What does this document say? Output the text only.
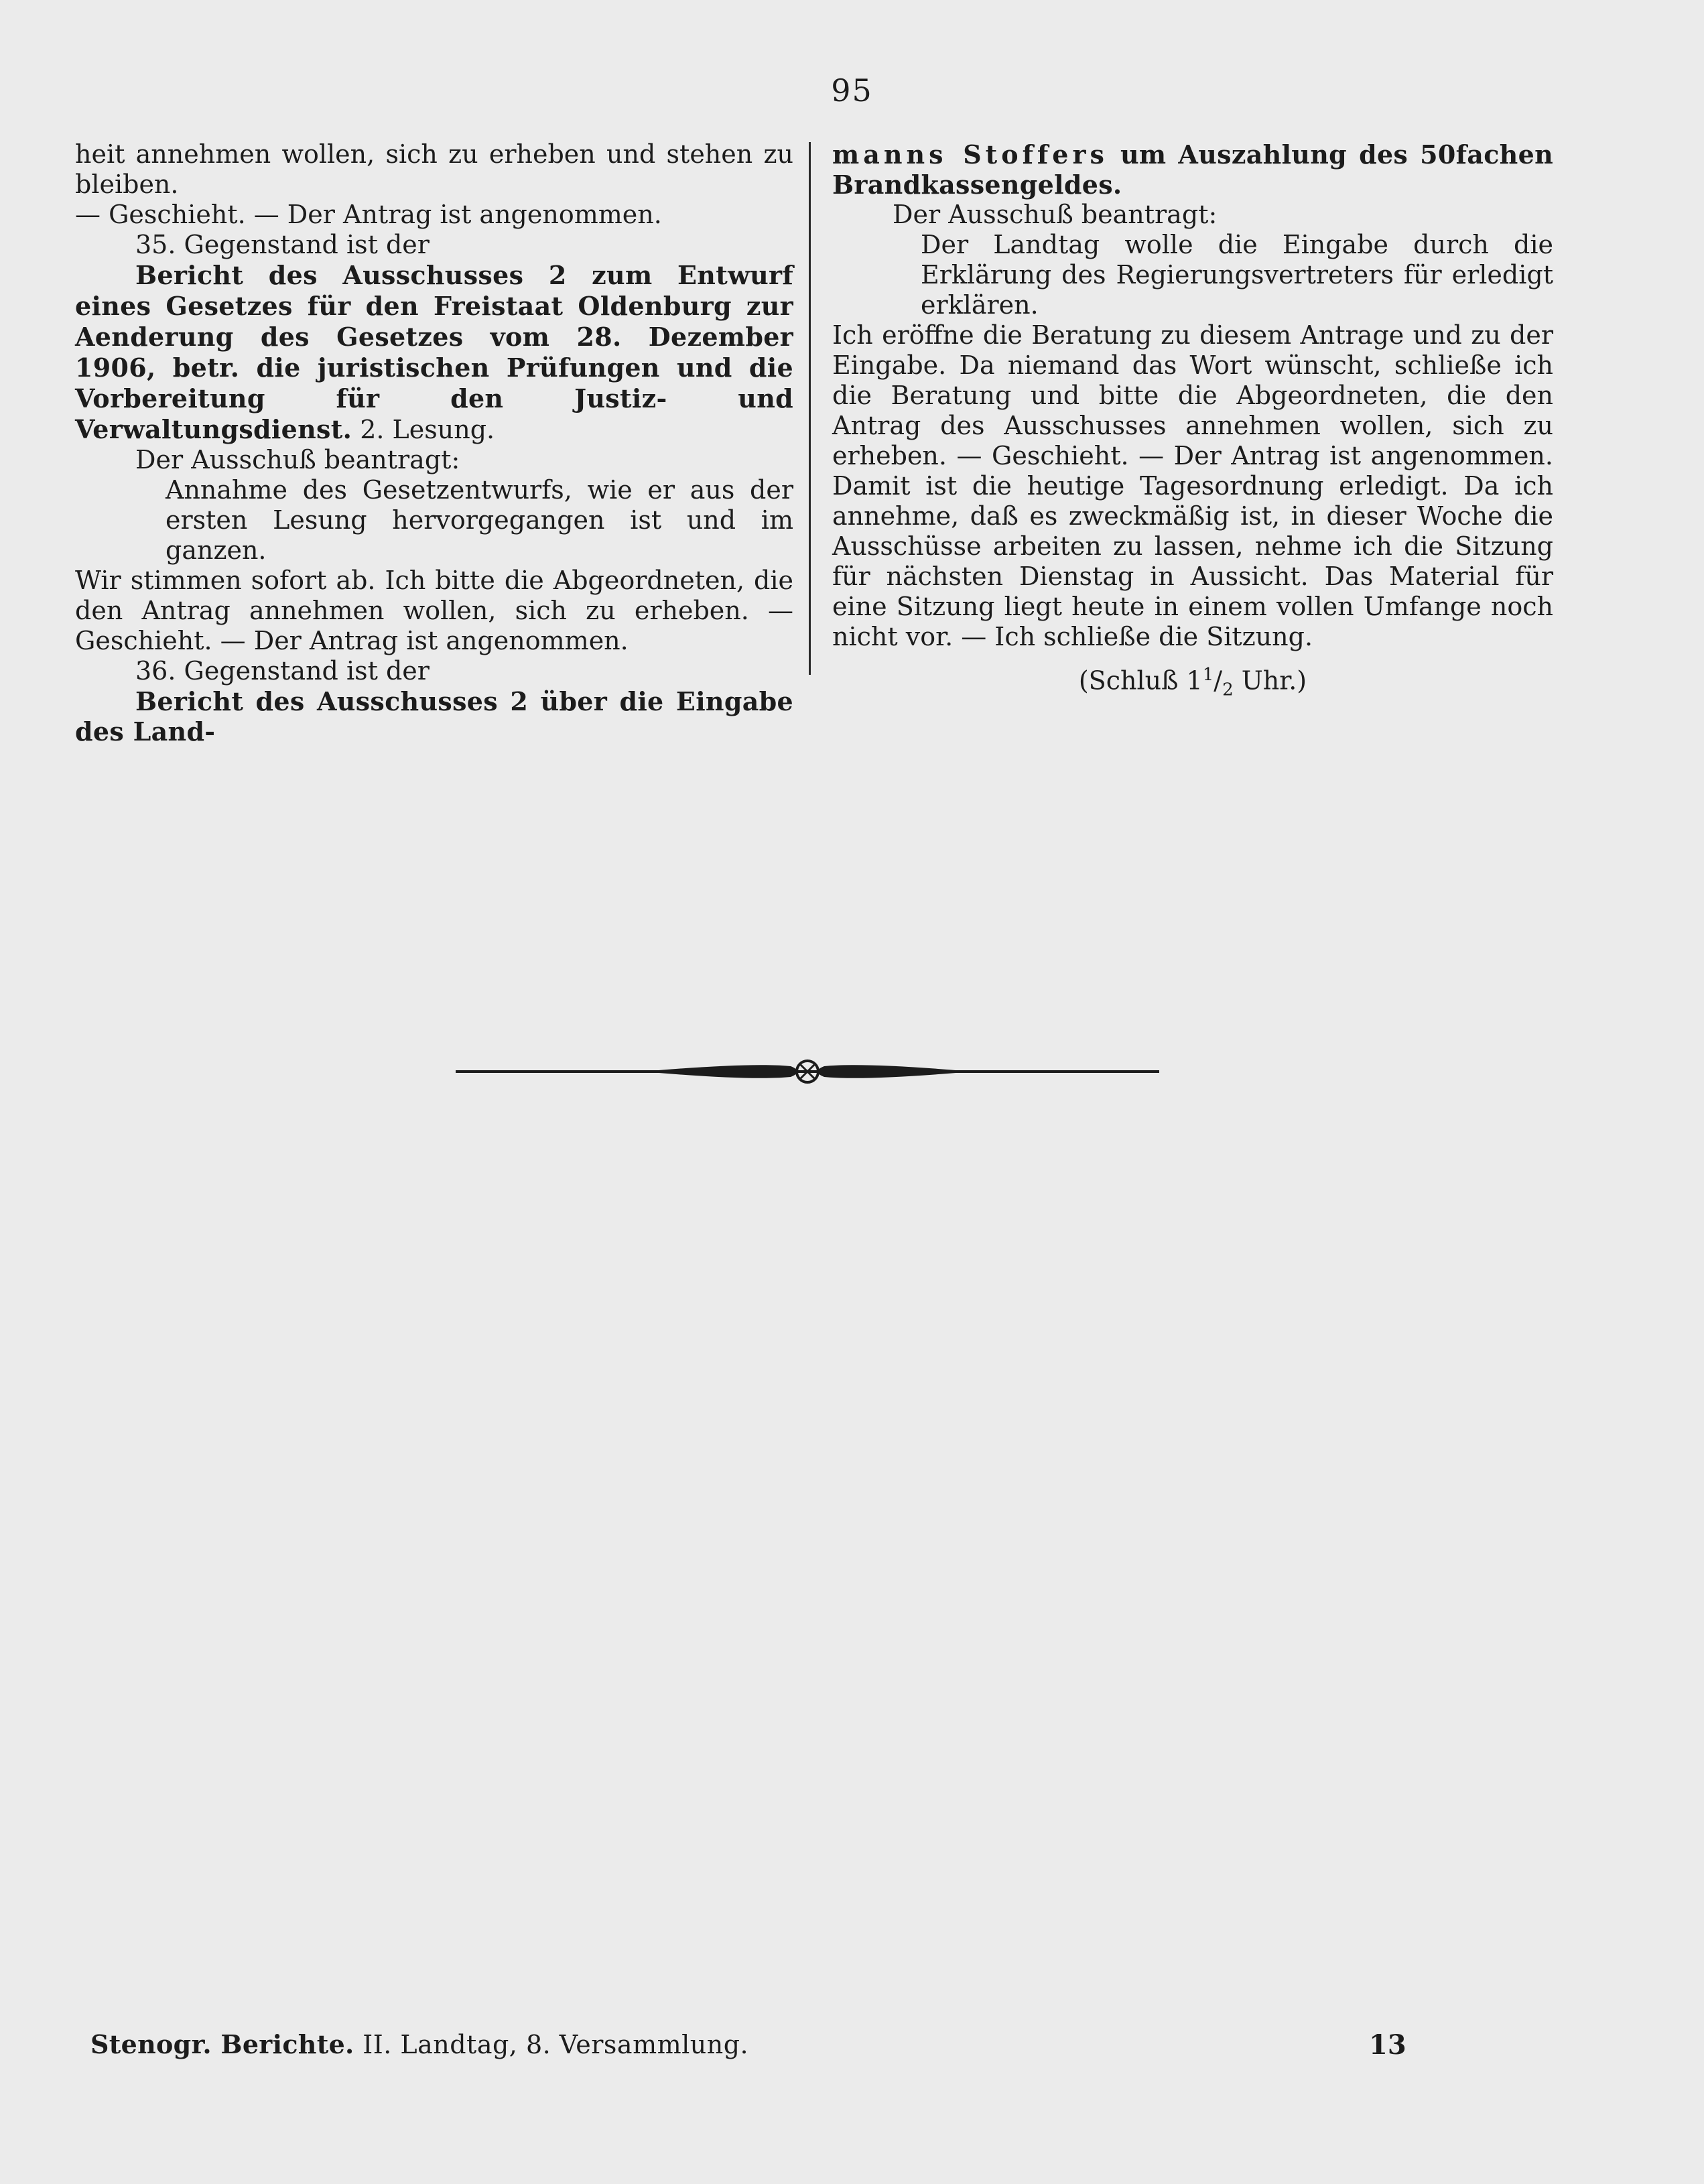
95

heit annehmen wollen, sich zu erheben und stehen zu bleiben.
— Geschieht. — Der Antrag ist angenommen.

35. Gegenstand ist der

Bericht des Ausschusses 2 zum Entwurf eines Gesetzes für den Freistaat Oldenburg zur Aenderung des Gesetzes vom 28. Dezember 1906, betr. die juristischen Prüfungen und die Vorbereitung für den Justiz- und Verwaltungsdienst. 2. Lesung.

Der Ausschuß beantragt:

Annahme des Gesetzentwurfs, wie er aus der ersten Lesung hervorgegangen ist und im ganzen.

Wir stimmen sofort ab. Ich bitte die Abgeordneten, die den Antrag annehmen wollen, sich zu erheben. — Geschieht. — Der Antrag ist angenommen.

36. Gegenstand ist der

Bericht des Ausschusses 2 über die Eingabe des Land-

manns Stoffers um Auszahlung des 50fachen Brandkassengeldes.

Der Ausschuß beantragt:

Der Landtag wolle die Eingabe durch die Erklärung des Regierungsvertreters für erledigt erklären.

Ich eröffne die Beratung zu diesem Antrage und zu der Eingabe. Da niemand das Wort wünscht, schließe ich die Beratung und bitte die Abgeordneten, die den Antrag des Ausschusses annehmen wollen, sich zu erheben. — Geschieht. — Der Antrag ist angenommen. Damit ist die heutige Tagesordnung erledigt. Da ich annehme, daß es zweckmäßig ist, in dieser Woche die Ausschüsse arbeiten zu lassen, nehme ich die Sitzung für nächsten Dienstag in Aussicht. Das Material für eine Sitzung liegt heute in einem vollen Umfange noch nicht vor. — Ich schließe die Sitzung.

(Schluß $1^1/_2$ Uhr.)

Stenogr. Berichte. II. Landtag, 8. Versammlung.	13
